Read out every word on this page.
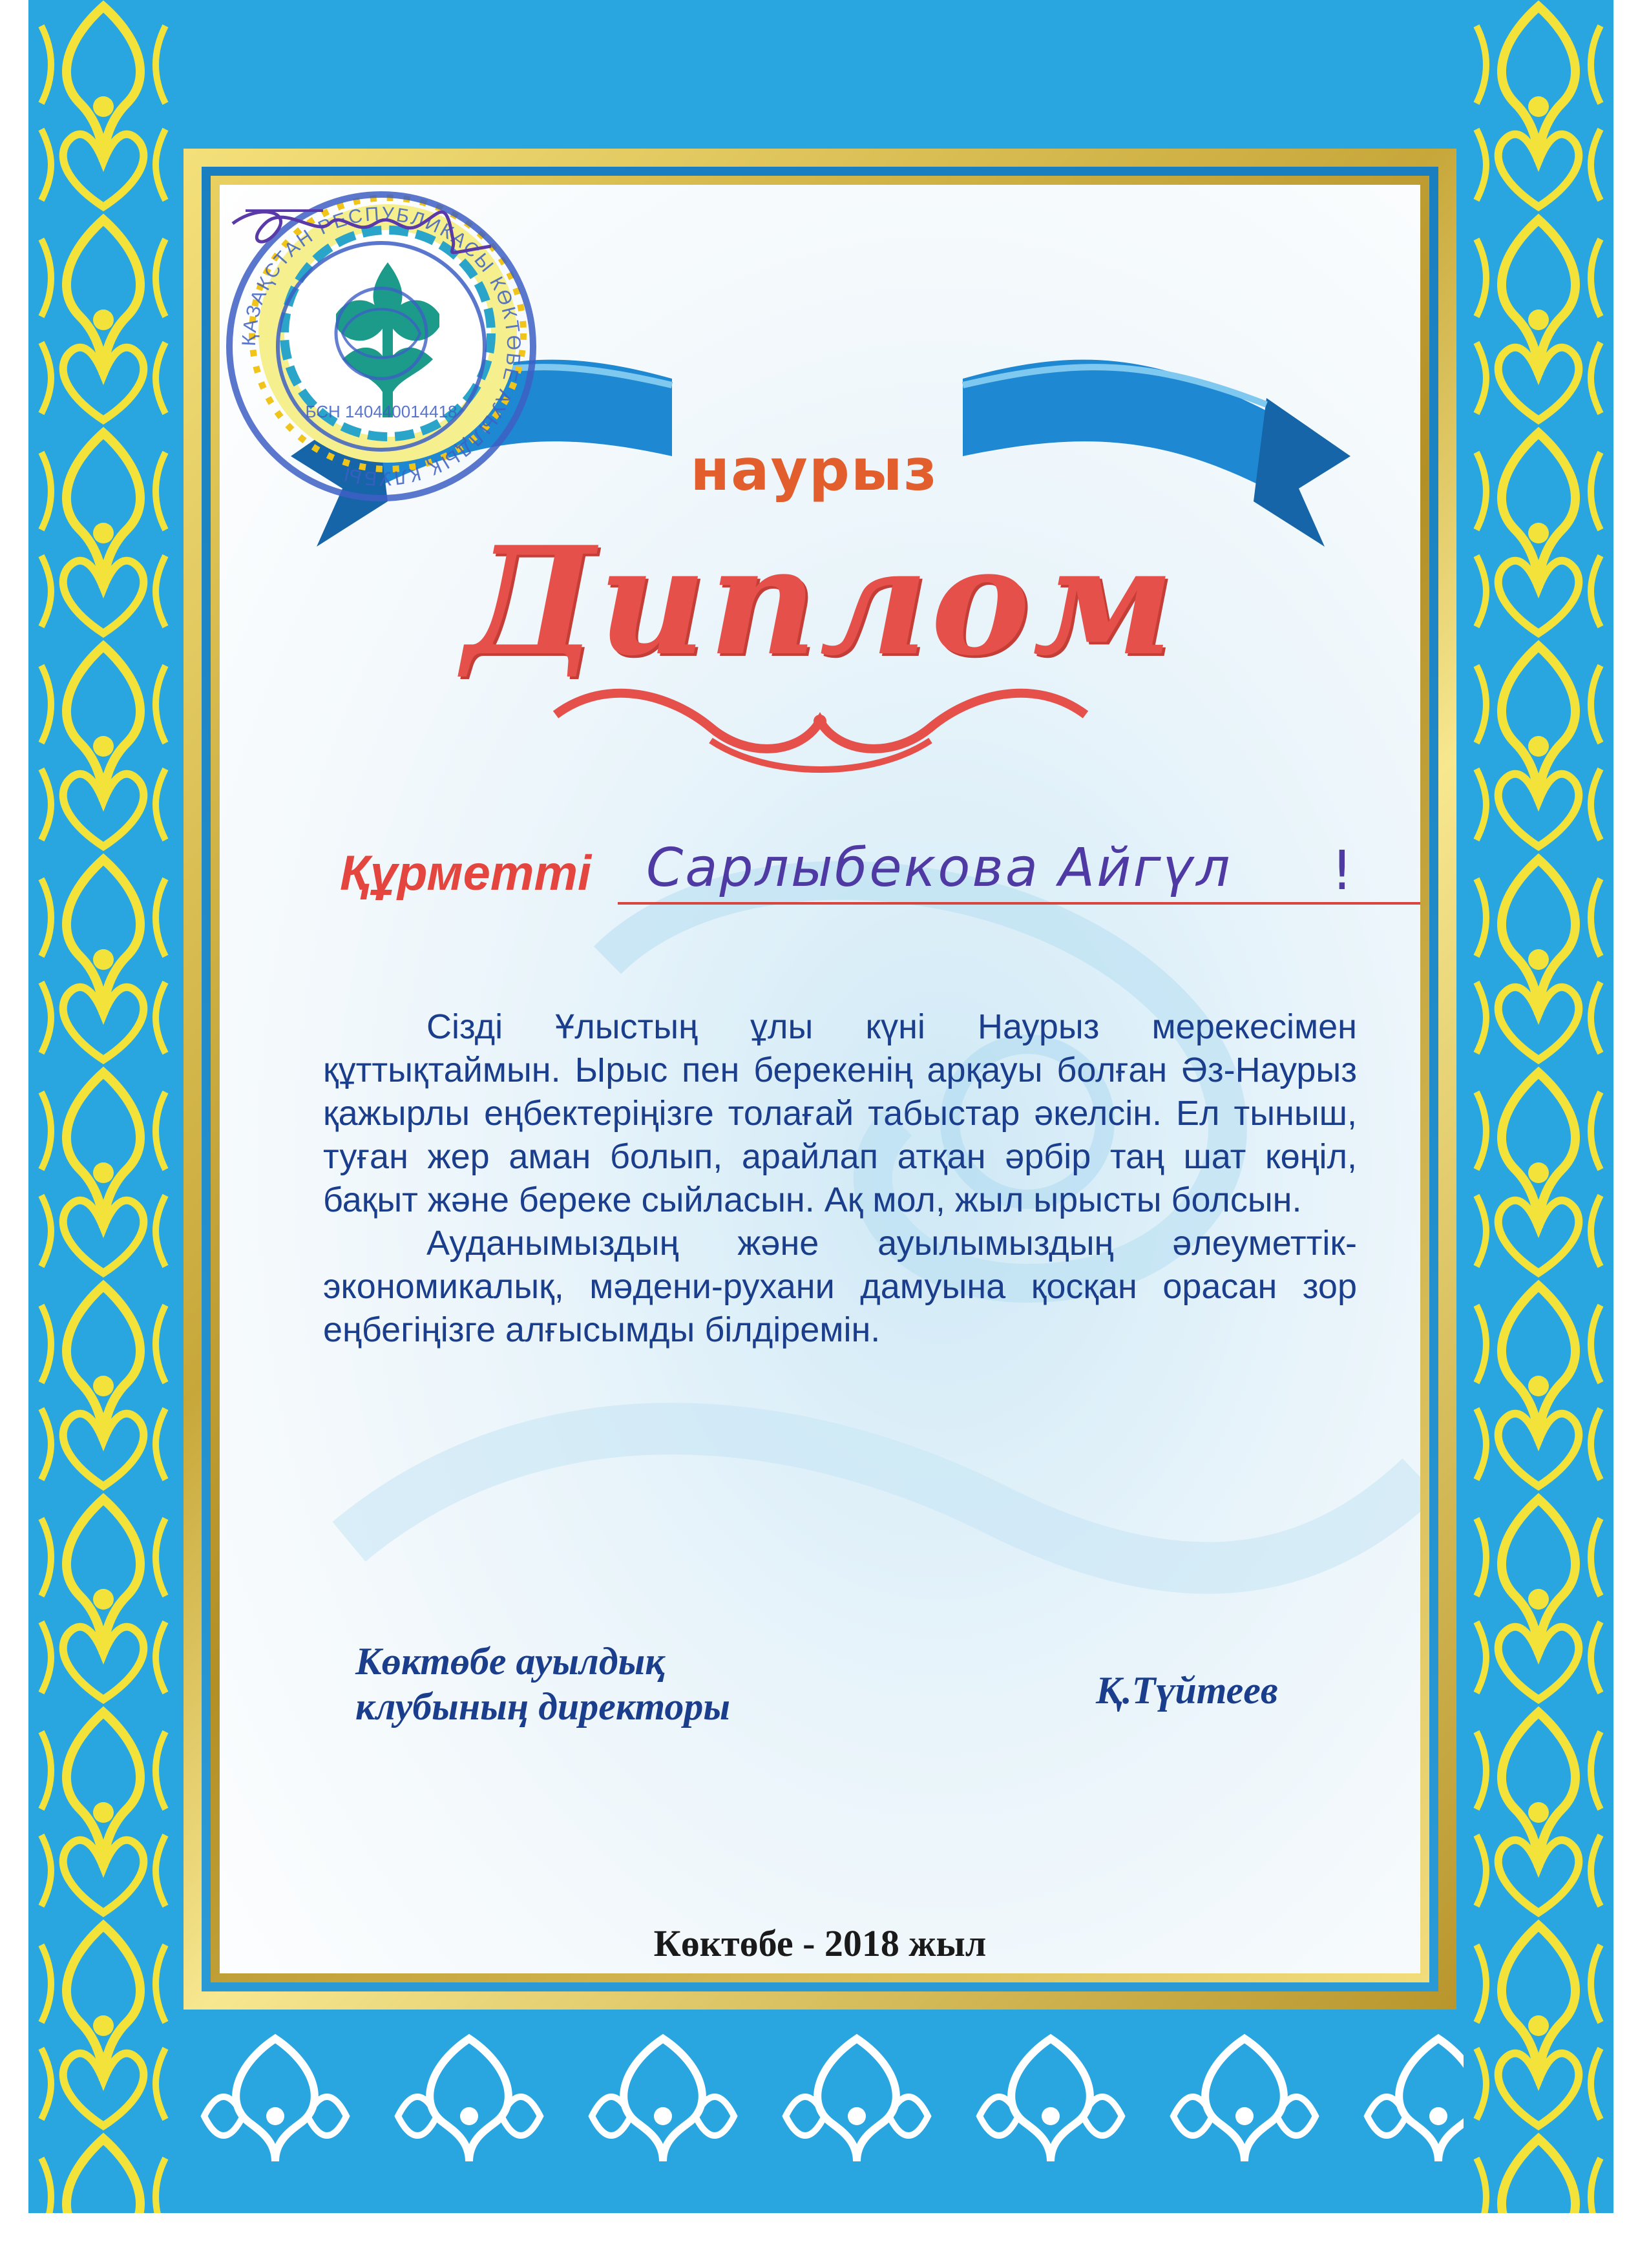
наурыз
Диплом
Құрметті Сарлыбекова Айгүл !

Сізді Ұлыстың ұлы күні Наурыз мерекесімен құттықтаймын. Ырыс пен берекенің арқауы болған Әз-Наурыз қажырлы еңбектеріңізге толағай табыстар әкелсін. Ел тыныш, туған жер аман болып, арайлап атқан әрбір таң шат көңіл, бақыт және береке сыйласын. Ақ мол, жыл ырысты болсын.

Ауданымыздың және ауылымыздың әлеуметтік-экономикалық, мәдени-рухани дамуына қосқан орасан зор еңбегіңізге алғысымды білдіремін.

ҚАЗАҚСТАН РЕСПУБЛИКАСЫ КӨКТӨБЕ АУЫЛДЫҚ КЛУБЫ
БСН 140440014418
Көктөбе ауылдық
клубының директоры	Қ.Түйтеев
Көктөбе - 2018 жыл
